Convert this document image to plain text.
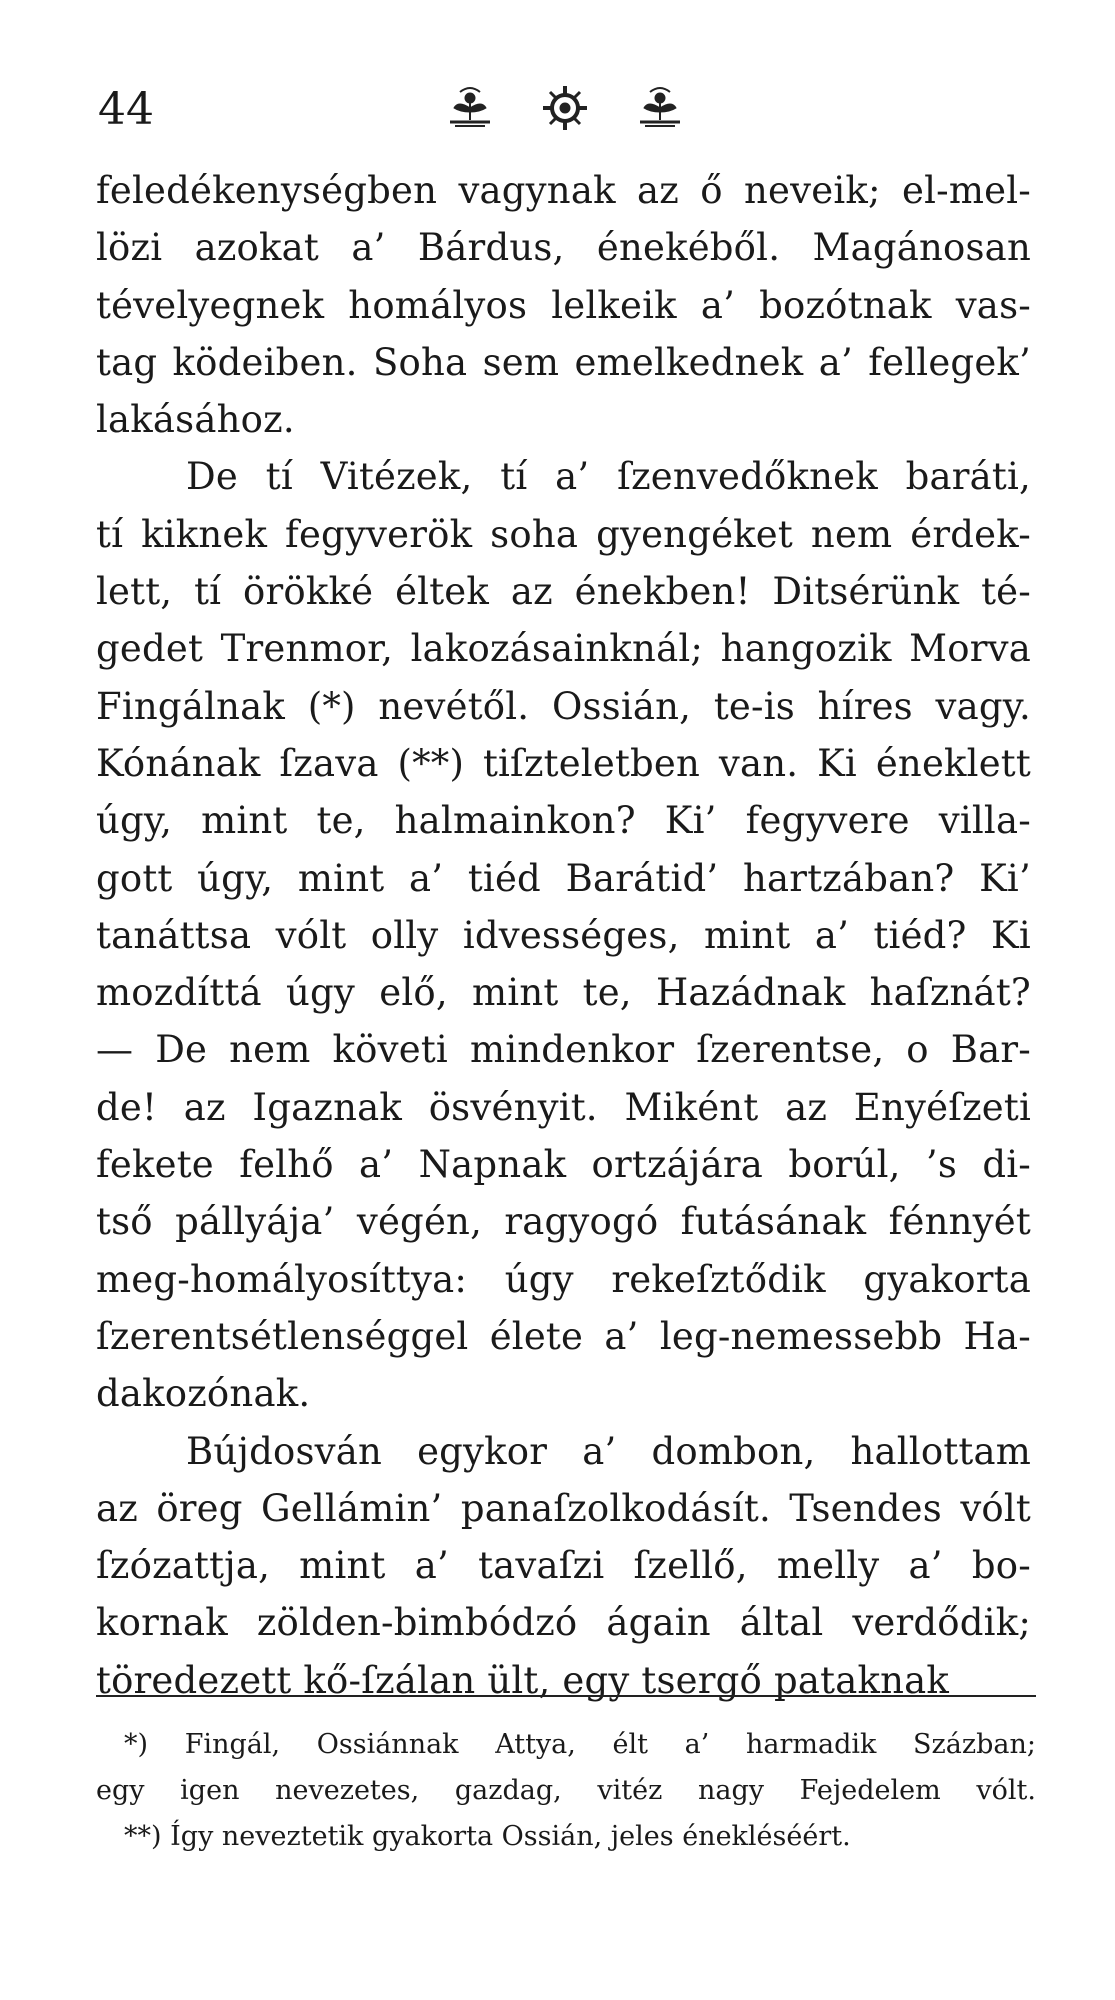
44
feledékenységben vagynak az ő neveik; el-mel-
lözi azokat a’ Bárdus, énekéből. Magánosan
tévelyegnek homályos lelkeik a’ bozótnak vas-
tag ködeiben. Soha sem emelkednek a’ fellegek’
lakásához.
De tí Vitézek, tí a’ ſzenvedőknek baráti,
tí kiknek fegyverök soha gyengéket nem érdek-
lett, tí örökké éltek az énekben! Ditsérünk té-
gedet Trenmor, lakozásainknál; hangozik Morva
Fingálnak (*) nevétől. Ossián, te-is híres vagy.
Kónának ſzava (**) tiſzteletben van. Ki éneklett
úgy, mint te, halmainkon? Ki’ fegyvere villa-
gott úgy, mint a’ tiéd Barátid’ hartzában? Ki’
tanáttsa vólt olly idvességes, mint a’ tiéd? Ki
mozdíttá úgy elő, mint te, Hazádnak haſznát?
— De nem követi mindenkor ſzerentse, o Bar-
de! az Igaznak ösvényit. Miként az Enyéſzeti
fekete felhő a’ Napnak ortzájára borúl, ’s di-
tső pállyája’ végén, ragyogó futásának fénnyét
meg-homályosíttya: úgy rekeſztődik gyakorta
ſzerentsétlenséggel élete a’ leg-nemessebb Ha-
dakozónak.
Bújdosván egykor a’ dombon, hallottam
az öreg Gellámin’ panaſzolkodásít. Tsendes vólt
ſzózattja, mint a’ tavaſzi ſzellő, melly a’ bo-
kornak zölden-bimbódzó ágain által verdődik;
töredezett kő-ſzálan ült, egy tsergő pataknak
*) Fingál, Ossiánnak Attya, élt a’ harmadik Százban;
egy igen nevezetes, gazdag, vitéz nagy Fejedelem vólt.
**) Így neveztetik gyakorta Ossián, jeles énekléséért.
